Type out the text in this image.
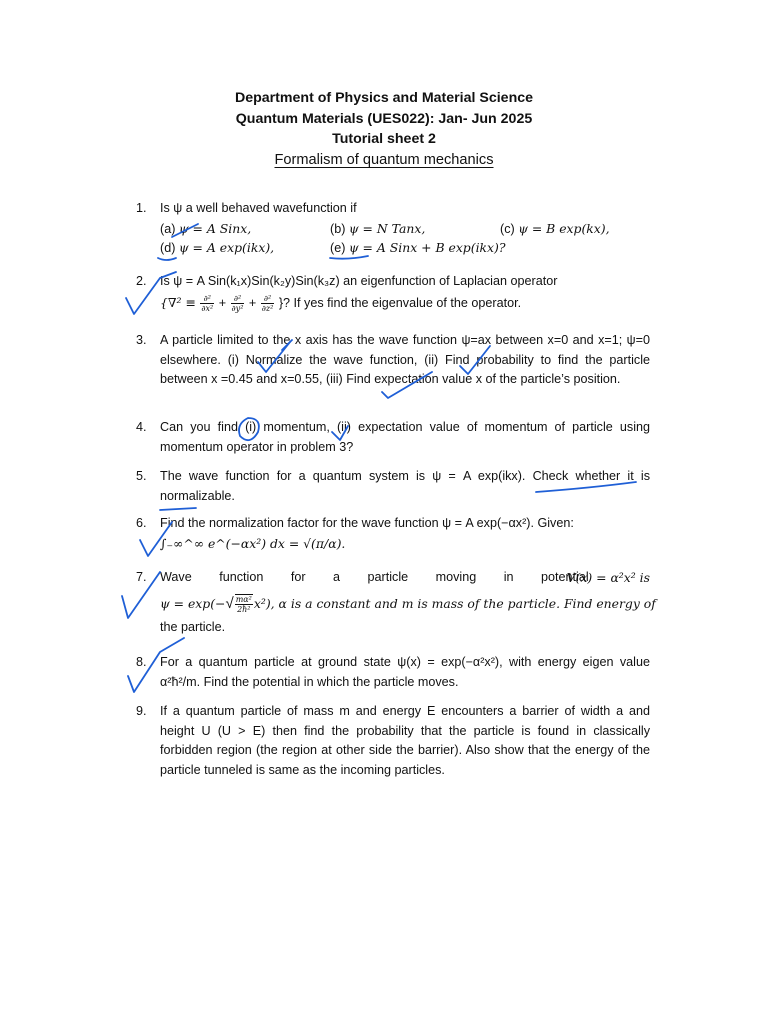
Department of Physics and Material Science
Quantum Materials (UES022): Jan- Jun 2025
Tutorial sheet 2
Formalism of quantum mechanics
1. Is ψ a well behaved wavefunction if
(a) ψ = A Sinx,	(b) ψ = N Tanx,	(c) ψ = B exp(kx),
(d) ψ = A exp(ikx),	(e) ψ = A Sinx + B exp(ikx)?
2. Is ψ = A Sin(k₁x)Sin(k₂y)Sin(k₃z) an eigenfunction of Laplacian operator
{$\nabla^2 \equiv \frac{\text{∂²}}{\text{∂x²}} + \frac{\text{∂²}}{\text{∂y²}} + \frac{\text{∂²}}{\text{∂z²}}$ }? If yes find the eigenvalue of the operator.
3. A particle limited to the x axis has the wave function ψ=ax between x=0 and x=1; ψ=0 elsewhere. (i) Normalize the wave function, (ii) Find probability to find the particle between x =0.45 and x=0.55, (iii) Find expectation value x of the particle’s position.
4. Can you find (i) momentum, (ii) expectation value of momentum of particle using momentum operator in problem 3?
5. The wave function for a quantum system is ψ = A exp(ikx). Check whether it is normalizable.
6. Find the normalization factor for the wave function ψ = A exp(−αx²). Given:
∫₋∞^∞ e^(−αx²) dx = √(π/α).
7. Wave function for a particle moving in potential
V(x) = α²x² is
$\psi = \exp(-√ \frac{\text{mα²}}{\text{2ħ²}} x^2)$, α is a constant and m is mass of the particle. Find energy of
the particle.
8. For a quantum particle at ground state ψ(x) = exp(−α²x²), with energy eigen value α²ħ²/m. Find the potential in which the particle moves.
9. If a quantum particle of mass m and energy E encounters a barrier of width a and height U (U > E) then find the probability that the particle is found in classically forbidden region (the region at other side the barrier). Also show that the energy of the particle tunneled is same as the incoming particles.
